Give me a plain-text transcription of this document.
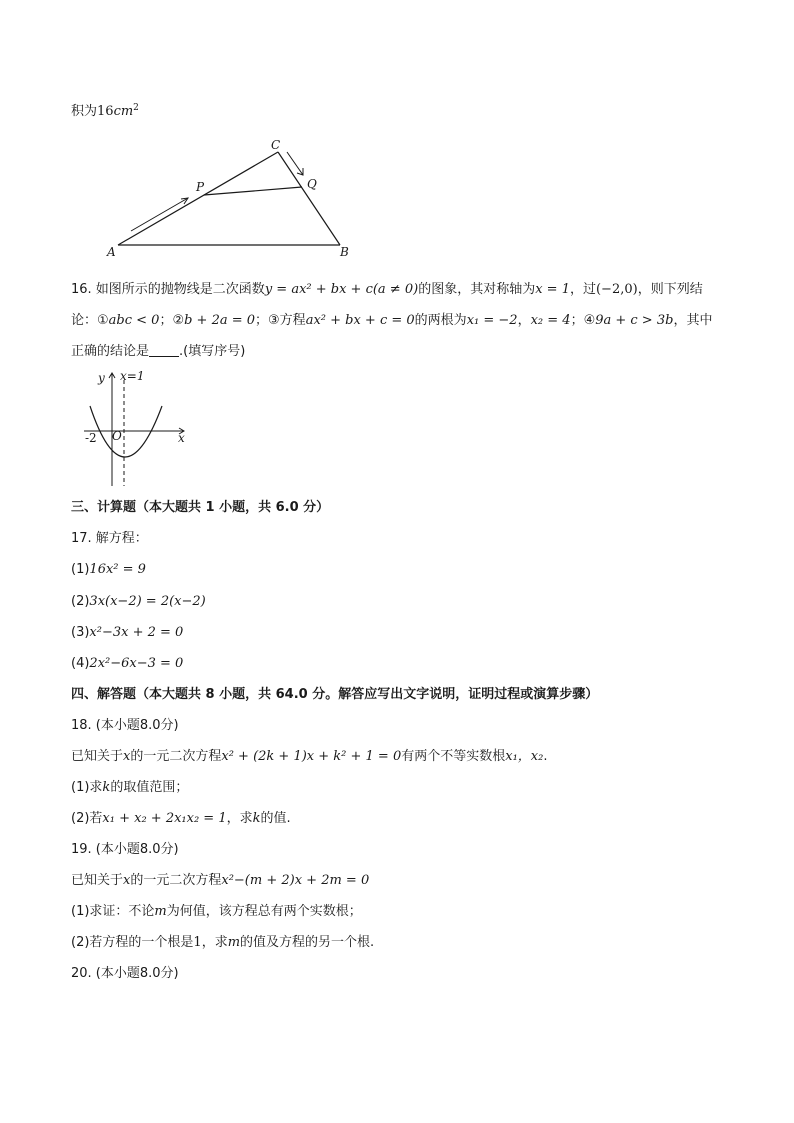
积为$16cm^2$
A	B
C
P	Q
16. 如图所示的抛物线是二次函数y = ax² + bx + c(a ≠ 0)的图象，其对称轴为x = 1，过(−2,0)，则下列结
论：①abc < 0；②b + 2a = 0；③方程ax² + bx + c = 0的两根为x₁ = −2，x₂ = 4；④9a + c > 3b，其中
正确的结论是 .(填写序号)
y x=1
-2 O	x
三、计算题（本大题共 1 小题，共 6.0 分）
17. 解方程：
(1)16x² = 9
(2)3x(x−2) = 2(x−2)
(3)x²−3x + 2 = 0
(4)2x²−6x−3 = 0
四、解答题（本大题共 8 小题，共 64.0 分。解答应写出文字说明，证明过程或演算步骤）
18. (本小题8.0分)
已知关于x的一元二次方程x² + (2k + 1)x + k² + 1 = 0有两个不等实数根x₁，x₂.
(1)求k的取值范围；
(2)若x₁ + x₂ + 2x₁x₂ = 1，求k的值.
19. (本小题8.0分)
已知关于x的一元二次方程x²−(m + 2)x + 2m = 0
(1)求证：不论m为何值，该方程总有两个实数根；
(2)若方程的一个根是1，求m的值及方程的另一个根.
20. (本小题8.0分)
